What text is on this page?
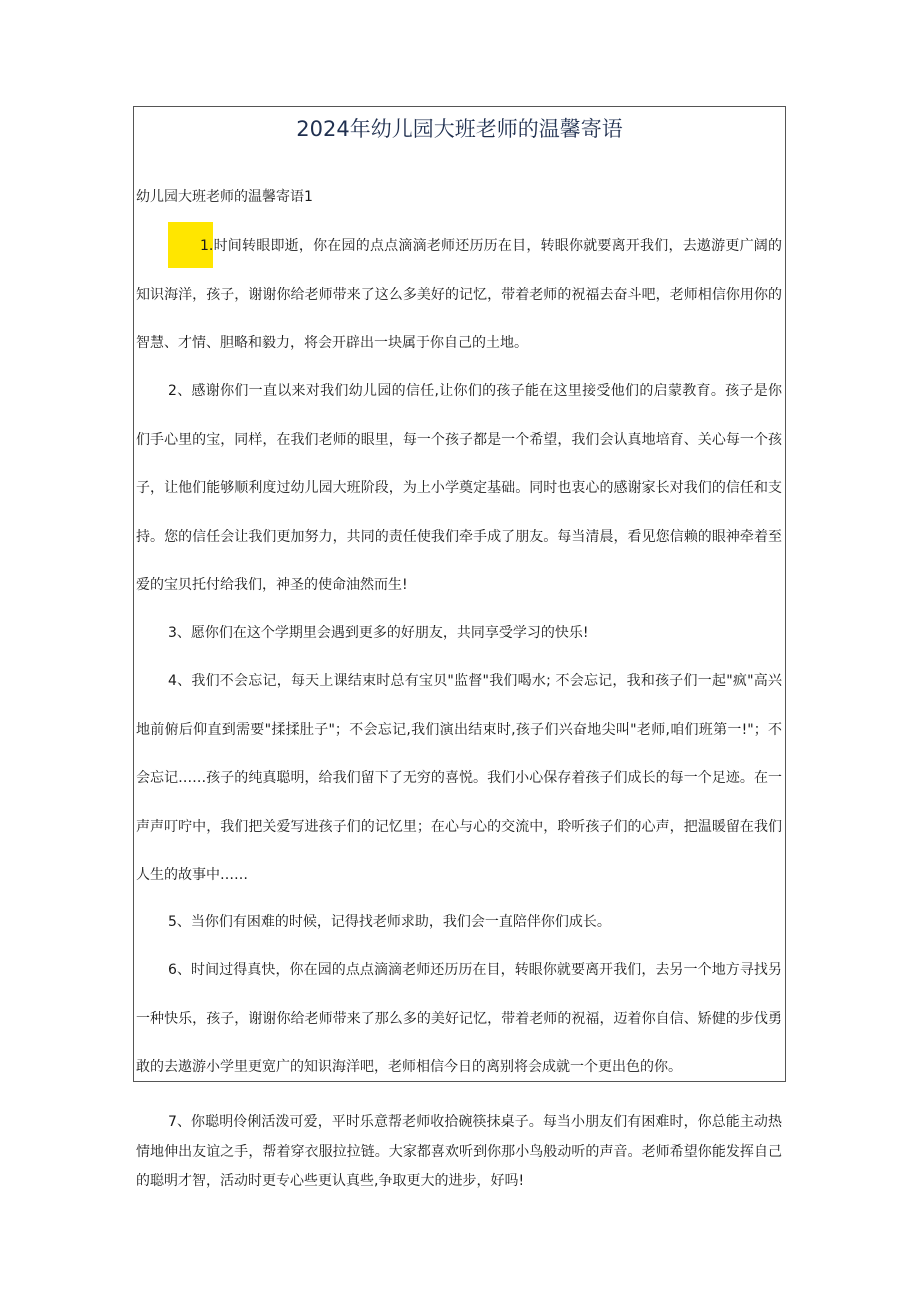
2024年幼儿园大班老师的温馨寄语

幼儿园大班老师的温馨寄语1

1.时间转眼即逝，你在园的点点滴滴老师还历历在目，转眼你就要离开我们，去遨游更广阔的知识海洋，孩子，谢谢你给老师带来了这么多美好的记忆，带着老师的祝福去奋斗吧，老师相信你用你的智慧、才情、胆略和毅力，将会开辟出一块属于你自己的土地。

2、感谢你们一直以来对我们幼儿园的信任,让你们的孩子能在这里接受他们的启蒙教育。孩子是你们手心里的宝，同样，在我们老师的眼里，每一个孩子都是一个希望，我们会认真地培育、关心每一个孩子，让他们能够顺利度过幼儿园大班阶段，为上小学奠定基础。同时也衷心的感谢家长对我们的信任和支持。您的信任会让我们更加努力，共同的责任使我们牵手成了朋友。每当清晨，看见您信赖的眼神牵着至爱的宝贝托付给我们，神圣的使命油然而生!

3、愿你们在这个学期里会遇到更多的好朋友，共同享受学习的快乐!

4、我们不会忘记，每天上课结束时总有宝贝"监督"我们喝水; 不会忘记，我和孩子们一起"疯"高兴地前俯后仰直到需要"揉揉肚子"；不会忘记,我们演出结束时,孩子们兴奋地尖叫"老师,咱们班第一!"；不会忘记……孩子的纯真聪明，给我们留下了无穷的喜悦。我们小心保存着孩子们成长的每一个足迹。在一声声叮咛中，我们把关爱写进孩子们的记忆里；在心与心的交流中，聆听孩子们的心声，把温暖留在我们人生的故事中……

5、当你们有困难的时候，记得找老师求助，我们会一直陪伴你们成长。

6、时间过得真快，你在园的点点滴滴老师还历历在目，转眼你就要离开我们，去另一个地方寻找另一种快乐，孩子，谢谢你给老师带来了那么多的美好记忆，带着老师的祝福，迈着你自信、矫健的步伐勇敢的去遨游小学里更宽广的知识海洋吧，老师相信今日的离别将会成就一个更出色的你。

7、你聪明伶俐活泼可爱，平时乐意帮老师收拾碗筷抹桌子。每当小朋友们有困难时，你总能主动热情地伸出友谊之手，帮着穿衣服拉拉链。大家都喜欢听到你那小鸟般动听的声音。老师希望你能发挥自己的聪明才智，活动时更专心些更认真些,争取更大的进步，好吗!
